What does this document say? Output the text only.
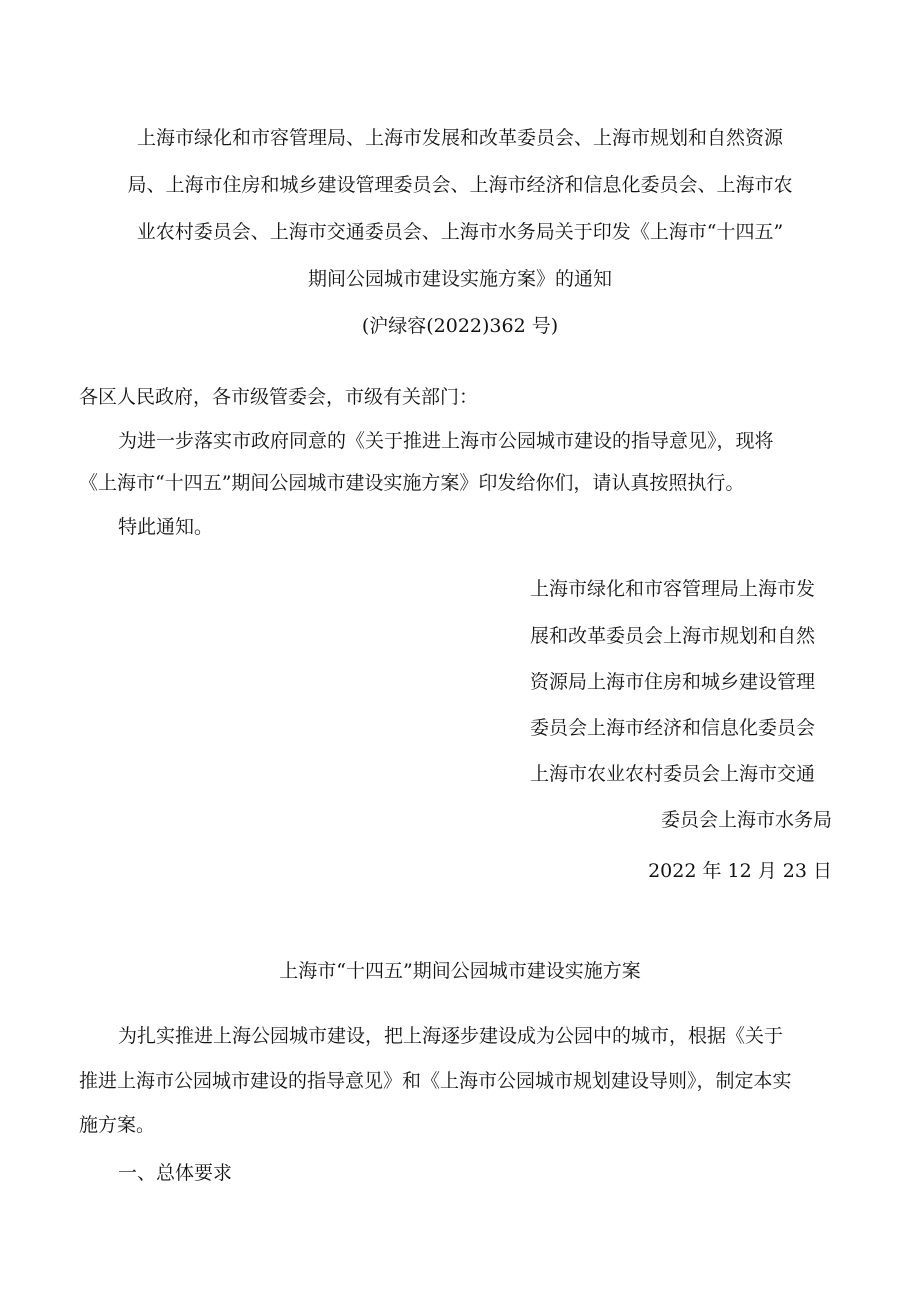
上海市绿化和市容管理局、上海市发展和改革委员会、上海市规划和自然资源
局、上海市住房和城乡建设管理委员会、上海市经济和信息化委员会、上海市农
业农村委员会、上海市交通委员会、上海市水务局关于印发《上海市“十四五”
期间公园城市建设实施方案》的通知
(沪绿容(2022)362 号)
各区人民政府，各市级管委会，市级有关部门：
为进一步落实市政府同意的《关于推进上海市公园城市建设的指导意见》，现将
《上海市“十四五”期间公园城市建设实施方案》印发给你们，请认真按照执行。
特此通知。
上海市绿化和市容管理局上海市发
展和改革委员会上海市规划和自然
资源局上海市住房和城乡建设管理
委员会上海市经济和信息化委员会
上海市农业农村委员会上海市交通
委员会上海市水务局
2022 年 12 月 23 日
上海市“十四五”期间公园城市建设实施方案
为扎实推进上海公园城市建设，把上海逐步建设成为公园中的城市，根据《关于
推进上海市公园城市建设的指导意见》和《上海市公园城市规划建设导则》，制定本实
施方案。
一、总体要求
